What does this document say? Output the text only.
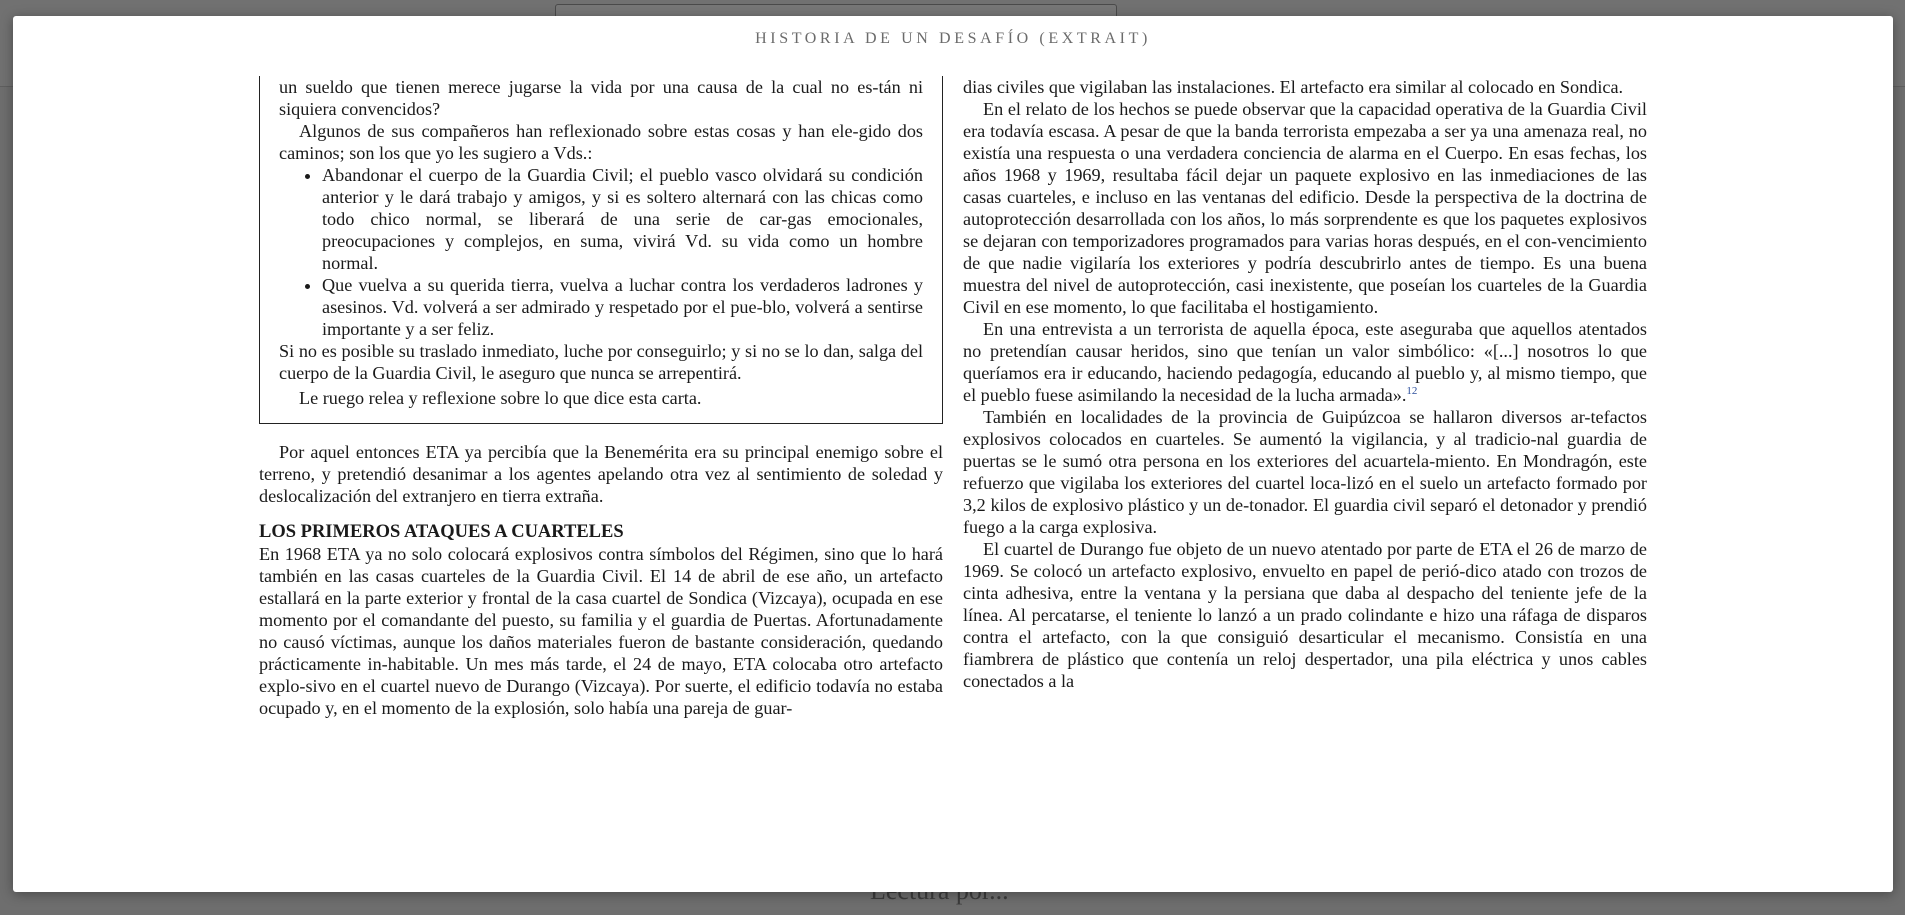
HISTORIA DE UN DESAFÍO (EXTRAIT)

un sueldo que tienen merece jugarse la vida por una causa de la cual no es-tán ni siquiera convencidos?

Algunos de sus compañeros han reflexionado sobre estas cosas y han ele-gido dos caminos; son los que yo les sugiero a Vds.:

• Abandonar el cuerpo de la Guardia Civil; el pueblo vasco olvidará su condición anterior y le dará trabajo y amigos, y si es soltero alternará con las chicas como todo chico normal, se liberará de una serie de car-gas emocionales, preocupaciones y complejos, en suma, vivirá Vd. su vida como un hombre normal.
• Que vuelva a su querida tierra, vuelva a luchar contra los verdaderos ladrones y asesinos. Vd. volverá a ser admirado y respetado por el pue-blo, volverá a sentirse importante y a ser feliz.

Si no es posible su traslado inmediato, luche por conseguirlo; y si no se lo dan, salga del cuerpo de la Guardia Civil, le aseguro que nunca se arrepentirá.

Le ruego relea y reflexione sobre lo que dice esta carta.

Por aquel entonces ETA ya percibía que la Benemérita era su principal enemigo sobre el terreno, y pretendió desanimar a los agentes apelando otra vez al sentimiento de soledad y deslocalización del extranjero en tierra extraña.

LOS PRIMEROS ATAQUES A CUARTELES

En 1968 ETA ya no solo colocará explosivos contra símbolos del Régimen, sino que lo hará también en las casas cuarteles de la Guardia Civil. El 14 de abril de ese año, un artefacto estallará en la parte exterior y frontal de la casa cuartel de Sondica (Vizcaya), ocupada en ese momento por el comandante del puesto, su familia y el guardia de Puertas. Afortunadamente no causó víctimas, aunque los daños materiales fueron de bastante consideración, quedando prácticamente in-habitable. Un mes más tarde, el 24 de mayo, ETA colocaba otro artefacto explo-sivo en el cuartel nuevo de Durango (Vizcaya). Por suerte, el edificio todavía no estaba ocupado y, en el momento de la explosión, solo había una pareja de guar-

dias civiles que vigilaban las instalaciones. El artefacto era similar al colocado en Sondica.

En el relato de los hechos se puede observar que la capacidad operativa de la Guardia Civil era todavía escasa. A pesar de que la banda terrorista empezaba a ser ya una amenaza real, no existía una respuesta o una verdadera conciencia de alarma en el Cuerpo. En esas fechas, los años 1968 y 1969, resultaba fácil dejar un paquete explosivo en las inmediaciones de las casas cuarteles, e incluso en las ventanas del edificio. Desde la perspectiva de la doctrina de autoprotección desarrollada con los años, lo más sorprendente es que los paquetes explosivos se dejaran con temporizadores programados para varias horas después, en el con-vencimiento de que nadie vigilaría los exteriores y podría descubrirlo antes de tiempo. Es una buena muestra del nivel de autoprotección, casi inexistente, que poseían los cuarteles de la Guardia Civil en ese momento, lo que facilitaba el hostigamiento.

En una entrevista a un terrorista de aquella época, este aseguraba que aquellos atentados no pretendían causar heridos, sino que tenían un valor simbólico: «[...] nosotros lo que queríamos era ir educando, haciendo pedagogía, educando al pueblo y, al mismo tiempo, que el pueblo fuese asimilando la necesidad de la lucha armada».$^{12}$

También en localidades de la provincia de Guipúzcoa se hallaron diversos ar-tefactos explosivos colocados en cuarteles. Se aumentó la vigilancia, y al tradicio-nal guardia de puertas se le sumó otra persona en los exteriores del acuartela-miento. En Mondragón, este refuerzo que vigilaba los exteriores del cuartel loca-lizó en el suelo un artefacto formado por 3,2 kilos de explosivo plástico y un de-tonador. El guardia civil separó el detonador y prendió fuego a la carga explosiva.

El cuartel de Durango fue objeto de un nuevo atentado por parte de ETA el 26 de marzo de 1969. Se colocó un artefacto explosivo, envuelto en papel de perió-dico atado con trozos de cinta adhesiva, entre la ventana y la persiana que daba al despacho del teniente jefe de la línea. Al percatarse, el teniente lo lanzó a un prado colindante e hizo una ráfaga de disparos contra el artefacto, con la que consiguió desarticular el mecanismo. Consistía en una fiambrera de plástico que contenía un reloj despertador, una pila eléctrica y unos cables conectados a la
